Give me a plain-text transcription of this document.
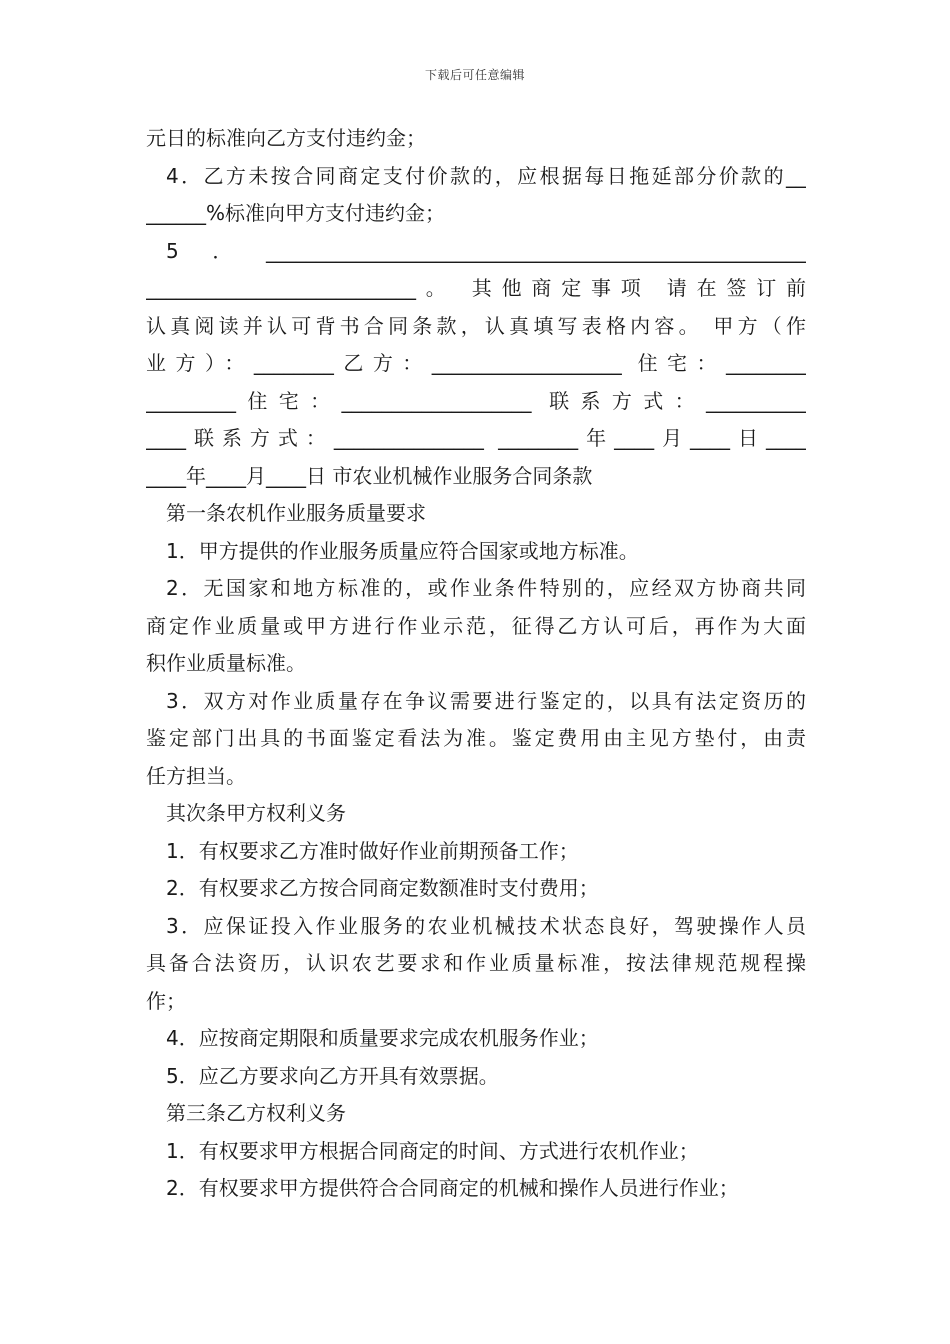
下载后可任意编辑
元日的标准向乙方支付违约金；
4．乙方未按合同商定支付价款的，应根据每日拖延部分价款的__
______%标准向甲方支付违约金；
5．______________________________________________________
___________________________。 其他商定事项 请在签订前
认真阅读并认可背书合同条款，认真填写表格内容。 甲方（作
业方）：________乙方：___________________ 住宅：________
_________住宅：___________________ 联系方式：__________
____联系方式：_______________ ________年____月____日____
____年____月____日 市农业机械作业服务合同条款
第一条农机作业服务质量要求
1．甲方提供的作业服务质量应符合国家或地方标准。
2．无国家和地方标准的，或作业条件特别的，应经双方协商共同
商定作业质量或甲方进行作业示范，征得乙方认可后，再作为大面
积作业质量标准。
3．双方对作业质量存在争议需要进行鉴定的，以具有法定资历的
鉴定部门出具的书面鉴定看法为准。鉴定费用由主见方垫付，由责
任方担当。
其次条甲方权利义务
1．有权要求乙方准时做好作业前期预备工作；
2．有权要求乙方按合同商定数额准时支付费用；
3．应保证投入作业服务的农业机械技术状态良好，驾驶操作人员
具备合法资历，认识农艺要求和作业质量标准，按法律规范规程操
作；
4．应按商定期限和质量要求完成农机服务作业；
5．应乙方要求向乙方开具有效票据。
第三条乙方权利义务
1．有权要求甲方根据合同商定的时间、方式进行农机作业；
2．有权要求甲方提供符合合同商定的机械和操作人员进行作业；
